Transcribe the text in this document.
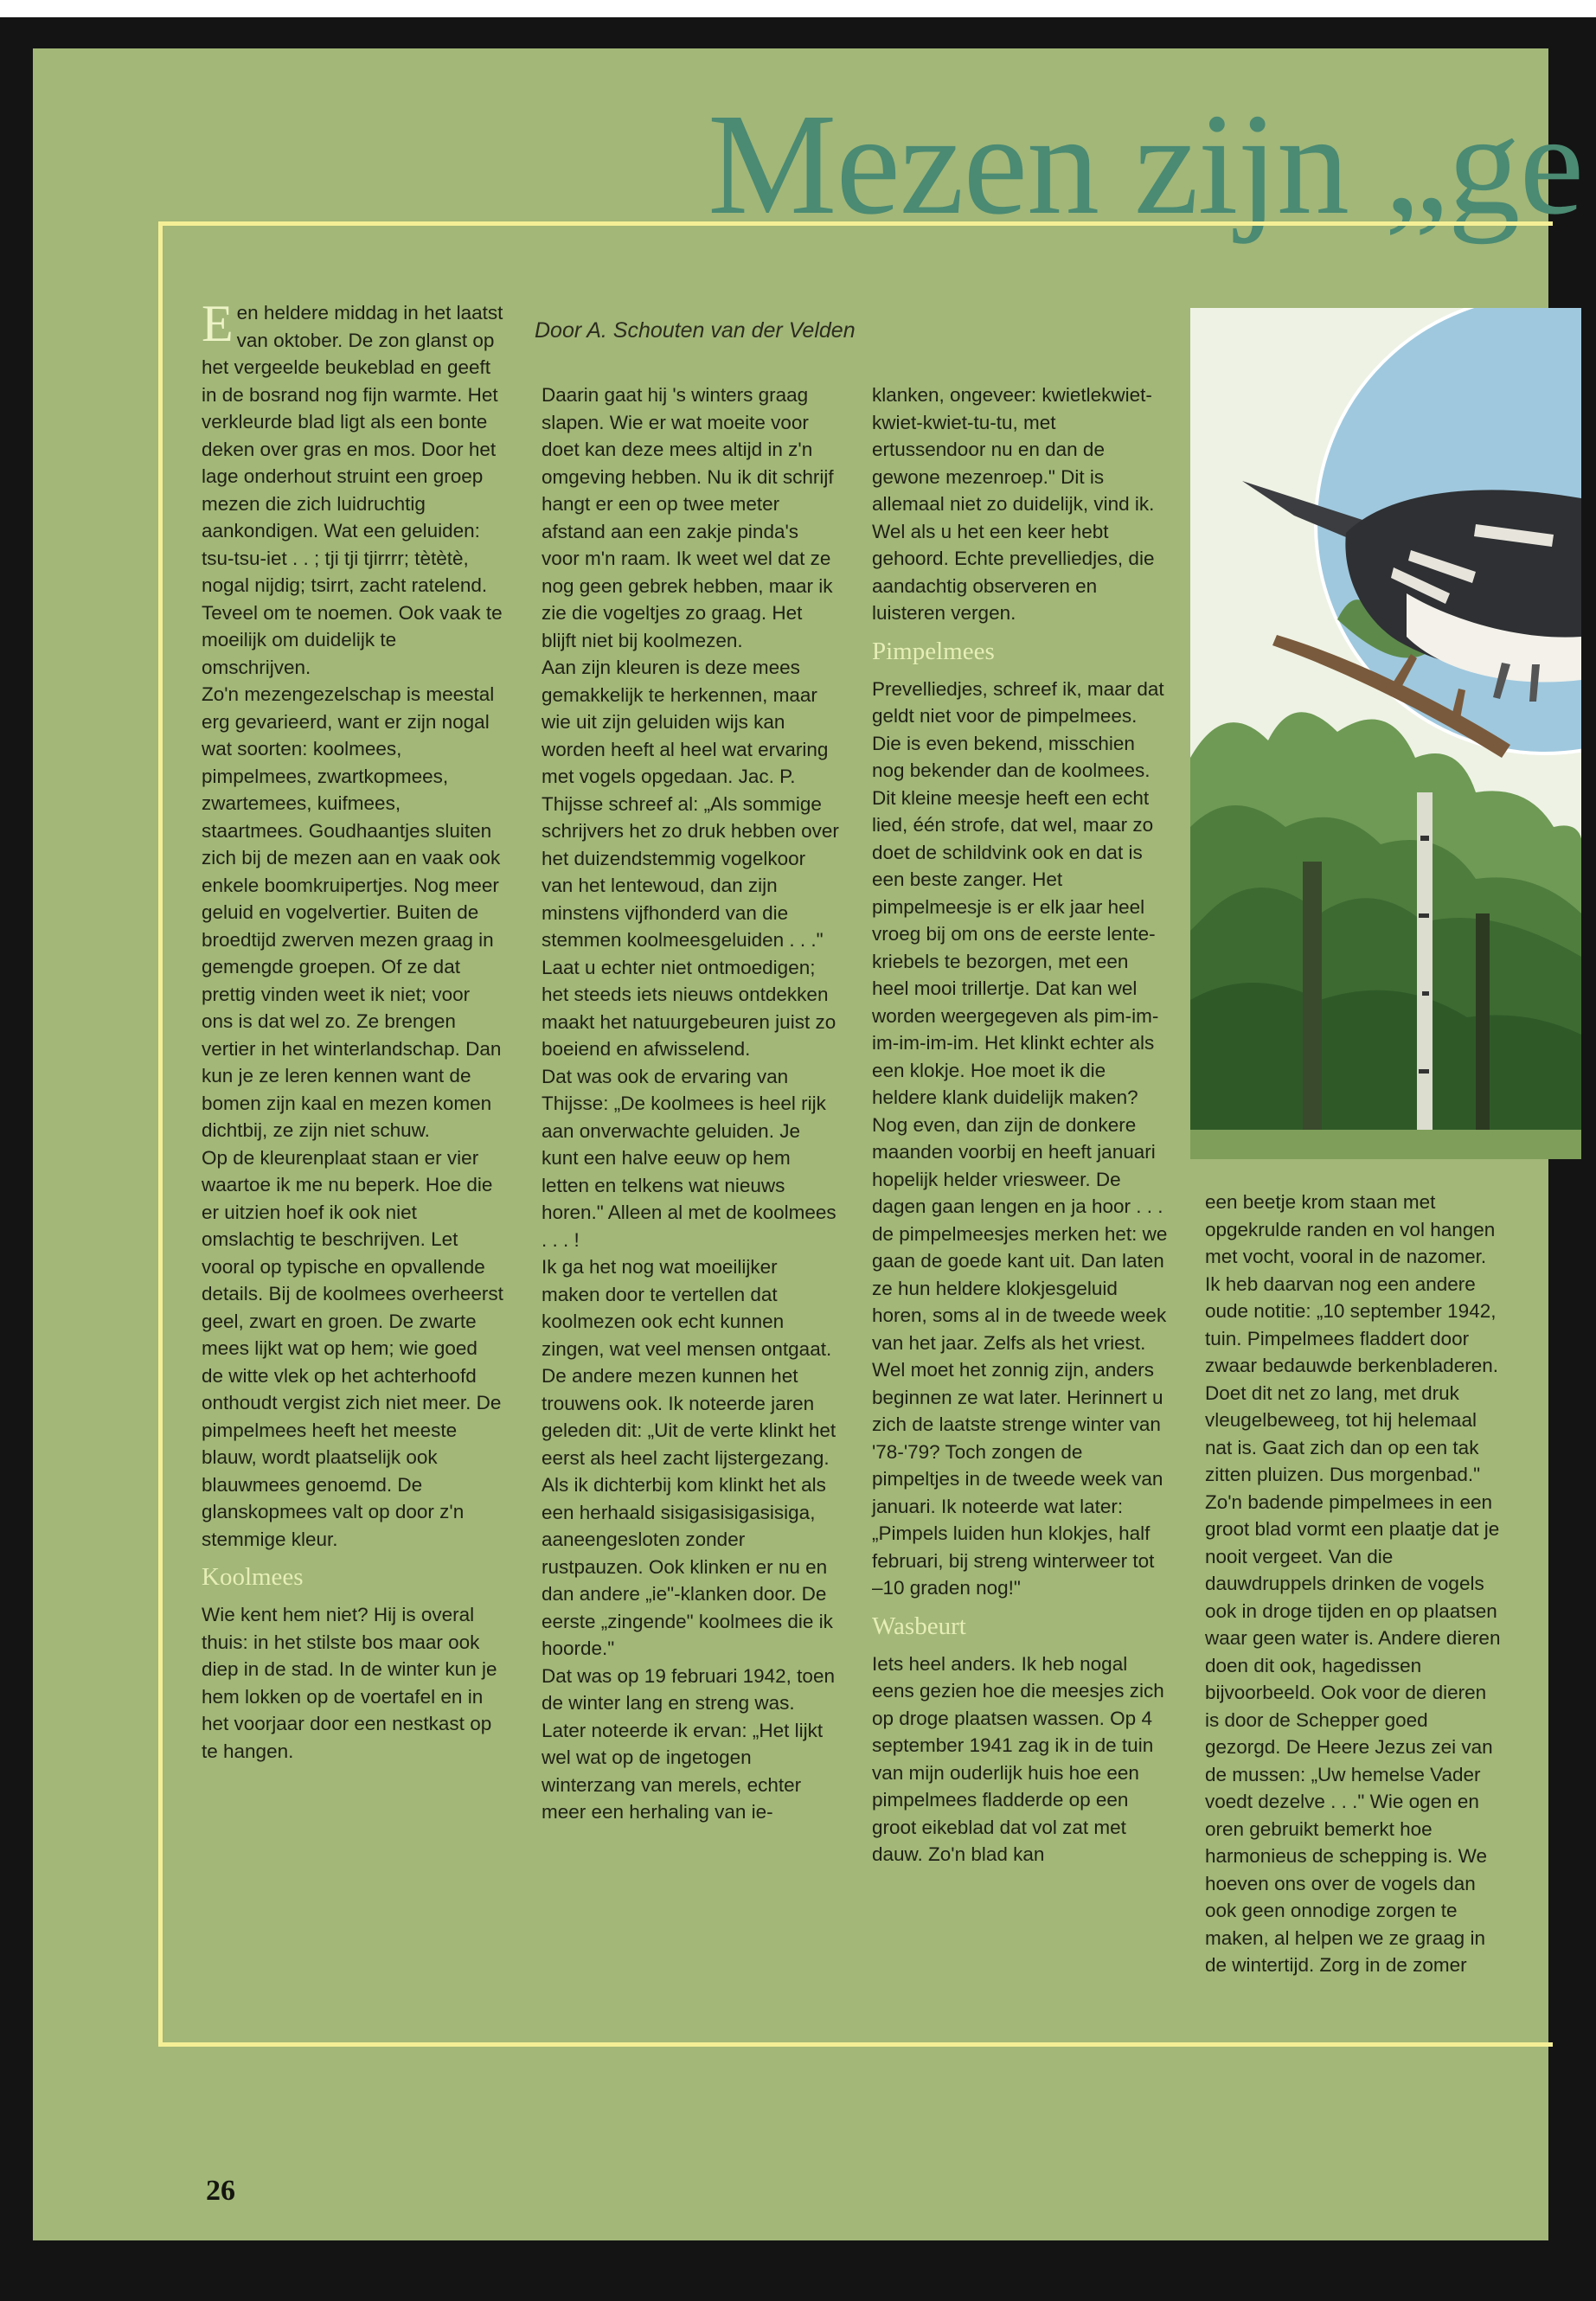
Mezen zijn „ge

Door A. Schouten van der Velden

E en heldere middag in het laatst van oktober. De zon glanst op het vergeelde beukeblad en geeft in de bosrand nog fijn warmte. Het verkleurde blad ligt als een bonte deken over gras en mos. Door het lage onderhout struint een groep mezen die zich luidruchtig aankondigen. Wat een geluiden: tsu-tsu-iet . . ; tji tji tjirrrr; tètètè, nogal nijdig; tsirrt, zacht ratelend. Teveel om te noemen. Ook vaak te moeilijk om duidelijk te omschrijven.

Zo'n mezengezelschap is meestal erg gevarieerd, want er zijn nogal wat soorten: koolmees, pimpelmees, zwartkopmees, zwartemees, kuifmees, staartmees. Goudhaantjes sluiten zich bij de mezen aan en vaak ook enkele boomkruipertjes. Nog meer geluid en vogelvertier. Buiten de broedtijd zwerven mezen graag in gemengde groepen. Of ze dat prettig vinden weet ik niet; voor ons is dat wel zo. Ze brengen vertier in het winterlandschap. Dan kun je ze leren kennen want de bomen zijn kaal en mezen komen dichtbij, ze zijn niet schuw.

Op de kleurenplaat staan er vier waartoe ik me nu beperk. Hoe die er uitzien hoef ik ook niet omslachtig te beschrijven. Let vooral op typische en opvallende details. Bij de koolmees overheerst geel, zwart en groen. De zwarte mees lijkt wat op hem; wie goed de witte vlek op het achterhoofd onthoudt vergist zich niet meer. De pimpelmees heeft het meeste blauw, wordt plaatselijk ook blauwmees genoemd. De glanskopmees valt op door z'n stemmige kleur.

Koolmees

Wie kent hem niet? Hij is overal thuis: in het stilste bos maar ook diep in de stad. In de winter kun je hem lokken op de voertafel en in het voorjaar door een nestkast op te hangen.

Daarin gaat hij 's winters graag slapen. Wie er wat moeite voor doet kan deze mees altijd in z'n omgeving hebben. Nu ik dit schrijf hangt er een op twee meter afstand aan een zakje pinda's voor m'n raam. Ik weet wel dat ze nog geen gebrek hebben, maar ik zie die vogeltjes zo graag. Het blijft niet bij koolmezen.

Aan zijn kleuren is deze mees gemakkelijk te herkennen, maar wie uit zijn geluiden wijs kan worden heeft al heel wat ervaring met vogels opgedaan. Jac. P. Thijsse schreef al: „Als sommige schrijvers het zo druk hebben over het duizendstemmig vogelkoor van het lentewoud, dan zijn minstens vijfhonderd van die stemmen koolmeesgeluiden . . ."

Laat u echter niet ontmoedigen; het steeds iets nieuws ontdekken maakt het natuurgebeuren juist zo boeiend en afwisselend.

Dat was ook de ervaring van Thijsse: „De koolmees is heel rijk aan onverwachte geluiden. Je kunt een halve eeuw op hem letten en telkens wat nieuws horen." Alleen al met de koolmees . . . !

Ik ga het nog wat moeilijker maken door te vertellen dat koolmezen ook echt kunnen zingen, wat veel mensen ontgaat. De andere mezen kunnen het trouwens ook. Ik noteerde jaren geleden dit: „Uit de verte klinkt het eerst als heel zacht lijstergezang. Als ik dichterbij kom klinkt het als een herhaald sisigasisigasisiga, aaneengesloten zonder rustpauzen. Ook klinken er nu en dan andere „ie"-klanken door. De eerste „zingende" koolmees die ik hoorde."

Dat was op 19 februari 1942, toen de winter lang en streng was. Later noteerde ik ervan: „Het lijkt wel wat op de ingetogen winterzang van merels, echter meer een herhaling van ie-

klanken, ongeveer: kwietlekwiet-kwiet-kwiet-tu-tu, met ertussendoor nu en dan de gewone mezenroep." Dit is allemaal niet zo duidelijk, vind ik. Wel als u het een keer hebt gehoord. Echte prevelliedjes, die aandachtig observeren en luisteren vergen.

Pimpelmees

Prevelliedjes, schreef ik, maar dat geldt niet voor de pimpelmees. Die is even bekend, misschien nog bekender dan de koolmees. Dit kleine meesje heeft een echt lied, één strofe, dat wel, maar zo doet de schildvink ook en dat is een beste zanger. Het pimpelmeesje is er elk jaar heel vroeg bij om ons de eerste lente-kriebels te bezorgen, met een heel mooi trillertje. Dat kan wel worden weergegeven als pim-im-im-im-im-im. Het klinkt echter als een klokje. Hoe moet ik die heldere klank duidelijk maken?

Nog even, dan zijn de donkere maanden voorbij en heeft januari hopelijk helder vriesweer. De dagen gaan lengen en ja hoor . . . de pimpelmeesjes merken het: we gaan de goede kant uit. Dan laten ze hun heldere klokjesgeluid horen, soms al in de tweede week van het jaar. Zelfs als het vriest. Wel moet het zonnig zijn, anders beginnen ze wat later. Herinnert u zich de laatste strenge winter van '78-'79? Toch zongen de pimpeltjes in de tweede week van januari. Ik noteerde wat later: „Pimpels luiden hun klokjes, half februari, bij streng winterweer tot –10 graden nog!"

Wasbeurt

Iets heel anders. Ik heb nogal eens gezien hoe die meesjes zich op droge plaatsen wassen. Op 4 september 1941 zag ik in de tuin van mijn ouderlijk huis hoe een pimpelmees fladderde op een groot eikeblad dat vol zat met dauw. Zo'n blad kan

een beetje krom staan met opgekrulde randen en vol hangen met vocht, vooral in de nazomer. Ik heb daarvan nog een andere oude notitie: „10 september 1942, tuin. Pimpelmees fladdert door zwaar bedauwde berkenbladeren. Doet dit net zo lang, met druk vleugelbeweeg, tot hij helemaal nat is. Gaat zich dan op een tak zitten pluizen. Dus morgenbad."

Zo'n badende pimpelmees in een groot blad vormt een plaatje dat je nooit vergeet. Van die dauwdruppels drinken de vogels ook in droge tijden en op plaatsen waar geen water is. Andere dieren doen dit ook, hagedissen bijvoorbeeld. Ook voor de dieren is door de Schepper goed gezorgd. De Heere Jezus zei van de mussen: „Uw hemelse Vader voedt dezelve . . ." Wie ogen en oren gebruikt bemerkt hoe harmonieus de schepping is. We hoeven ons over de vogels dan ook geen onnodige zorgen te maken, al helpen we ze graag in de wintertijd. Zorg in de zomer

26
